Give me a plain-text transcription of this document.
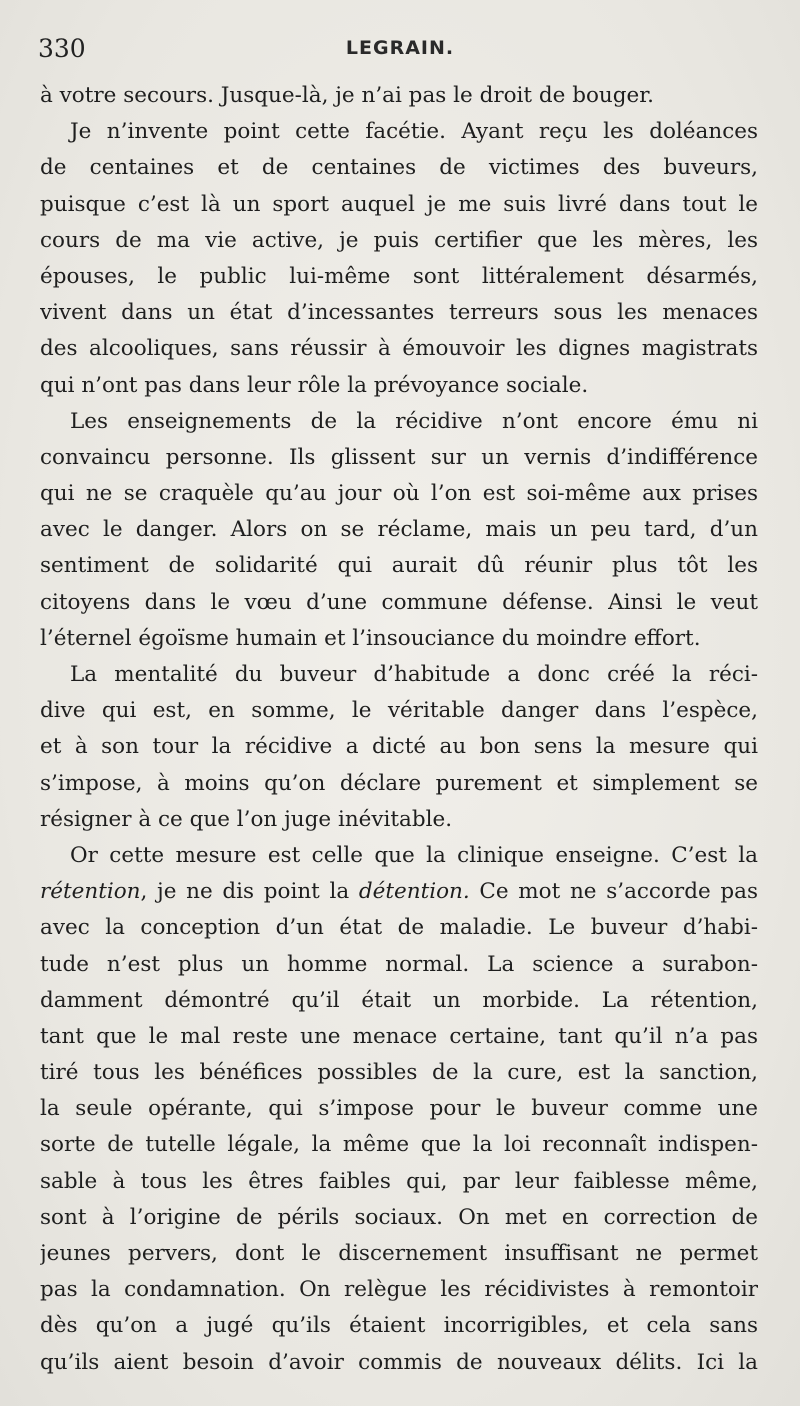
330	LEGRAIN.
à votre secours. Jusque-là, je n’ai pas le droit de bouger.
Je n’invente point cette facétie. Ayant reçu les doléances
de centaines et de centaines de victimes des buveurs,
puisque c’est là un sport auquel je me suis livré dans tout le
cours de ma vie active, je puis certifier que les mères, les
épouses, le public lui-même sont littéralement désarmés,
vivent dans un état d’incessantes terreurs sous les menaces
des alcooliques, sans réussir à émouvoir les dignes magistrats
qui n’ont pas dans leur rôle la prévoyance sociale.
Les enseignements de la récidive n’ont encore ému ni
convaincu personne. Ils glissent sur un vernis d’indifférence
qui ne se craquèle qu’au jour où l’on est soi-même aux prises
avec le danger. Alors on se réclame, mais un peu tard, d’un
sentiment de solidarité qui aurait dû réunir plus tôt les
citoyens dans le vœu d’une commune défense. Ainsi le veut
l’éternel égoïsme humain et l’insouciance du moindre effort.
La mentalité du buveur d’habitude a donc créé la réci-
dive qui est, en somme, le véritable danger dans l’espèce,
et à son tour la récidive a dicté au bon sens la mesure qui
s’impose, à moins qu’on déclare purement et simplement se
résigner à ce que l’on juge inévitable.
Or cette mesure est celle que la clinique enseigne. C’est la
rétention, je ne dis point la détention. Ce mot ne s’accorde pas
avec la conception d’un état de maladie. Le buveur d’habi-
tude n’est plus un homme normal. La science a surabon-
damment démontré qu’il était un morbide. La rétention,
tant que le mal reste une menace certaine, tant qu’il n’a pas
tiré tous les bénéfices possibles de la cure, est la sanction,
la seule opérante, qui s’impose pour le buveur comme une
sorte de tutelle légale, la même que la loi reconnaît indispen-
sable à tous les êtres faibles qui, par leur faiblesse même,
sont à l’origine de périls sociaux. On met en correction de
jeunes pervers, dont le discernement insuffisant ne permet
pas la condamnation. On relègue les récidivistes à remontoir
dès qu’on a jugé qu’ils étaient incorrigibles, et cela sans
qu’ils aient besoin d’avoir commis de nouveaux délits. Ici la
